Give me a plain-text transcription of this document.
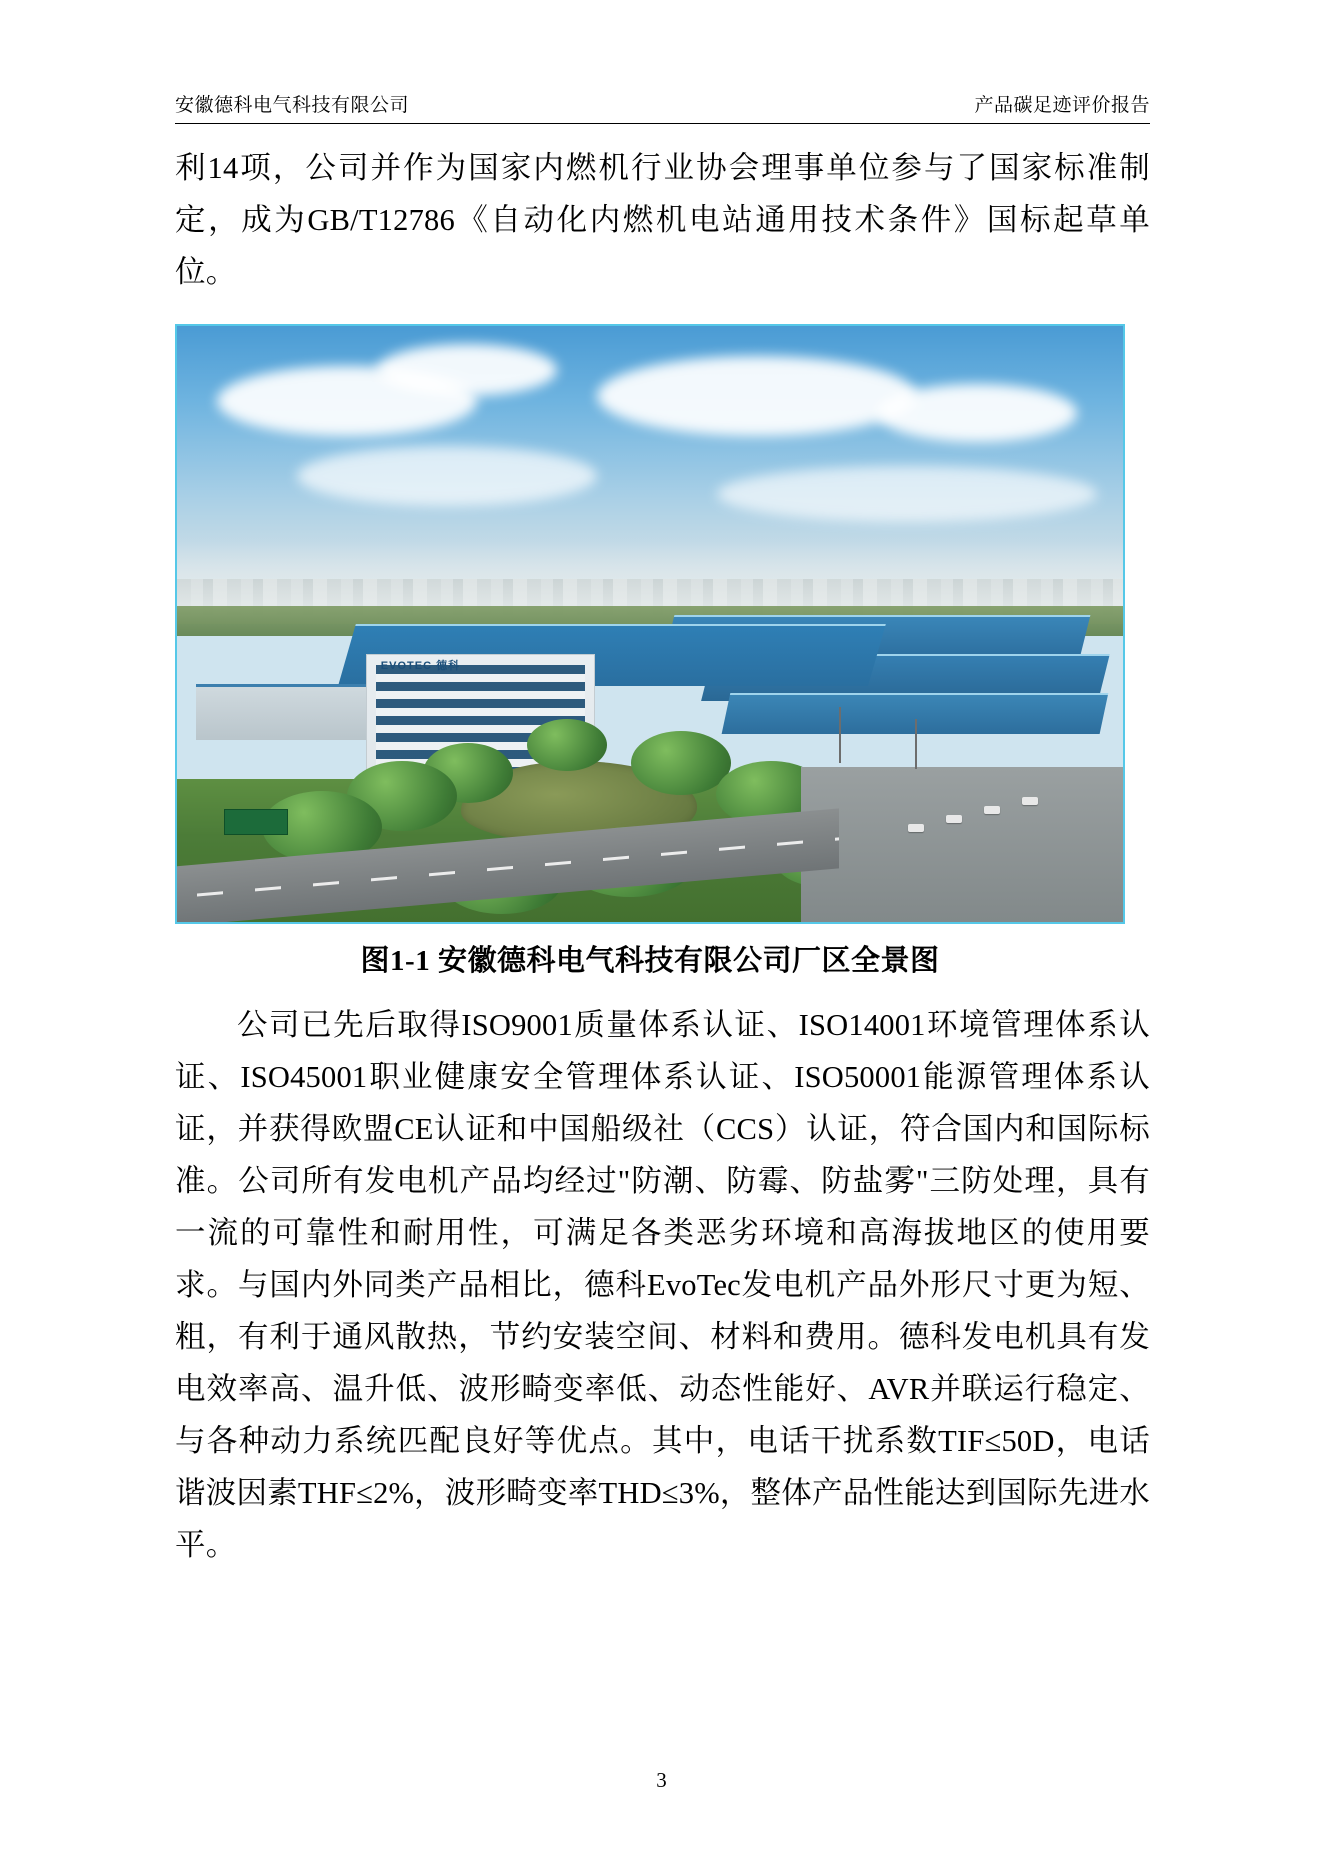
安徽德科电气科技有限公司	产品碳足迹评价报告

利14项，公司并作为国家内燃机行业协会理事单位参与了国家标准制定，成为GB/T12786《自动化内燃机电站通用技术条件》国标起草单位。

EVOTEC 德科
图1-1 安徽德科电气科技有限公司厂区全景图

公司已先后取得ISO9001质量体系认证、ISO14001环境管理体系认证、ISO45001职业健康安全管理体系认证、ISO50001能源管理体系认证，并获得欧盟CE认证和中国船级社（CCS）认证，符合国内和国际标准。公司所有发电机产品均经过"防潮、防霉、防盐雾"三防处理，具有一流的可靠性和耐用性，可满足各类恶劣环境和高海拔地区的使用要求。与国内外同类产品相比，德科EvoTec发电机产品外形尺寸更为短、粗，有利于通风散热，节约安装空间、材料和费用。德科发电机具有发电效率高、温升低、波形畸变率低、动态性能好、AVR并联运行稳定、与各种动力系统匹配良好等优点。其中，电话干扰系数TIF≤50D，电话谐波因素THF≤2%，波形畸变率THD≤3%，整体产品性能达到国际先进水平。

3
